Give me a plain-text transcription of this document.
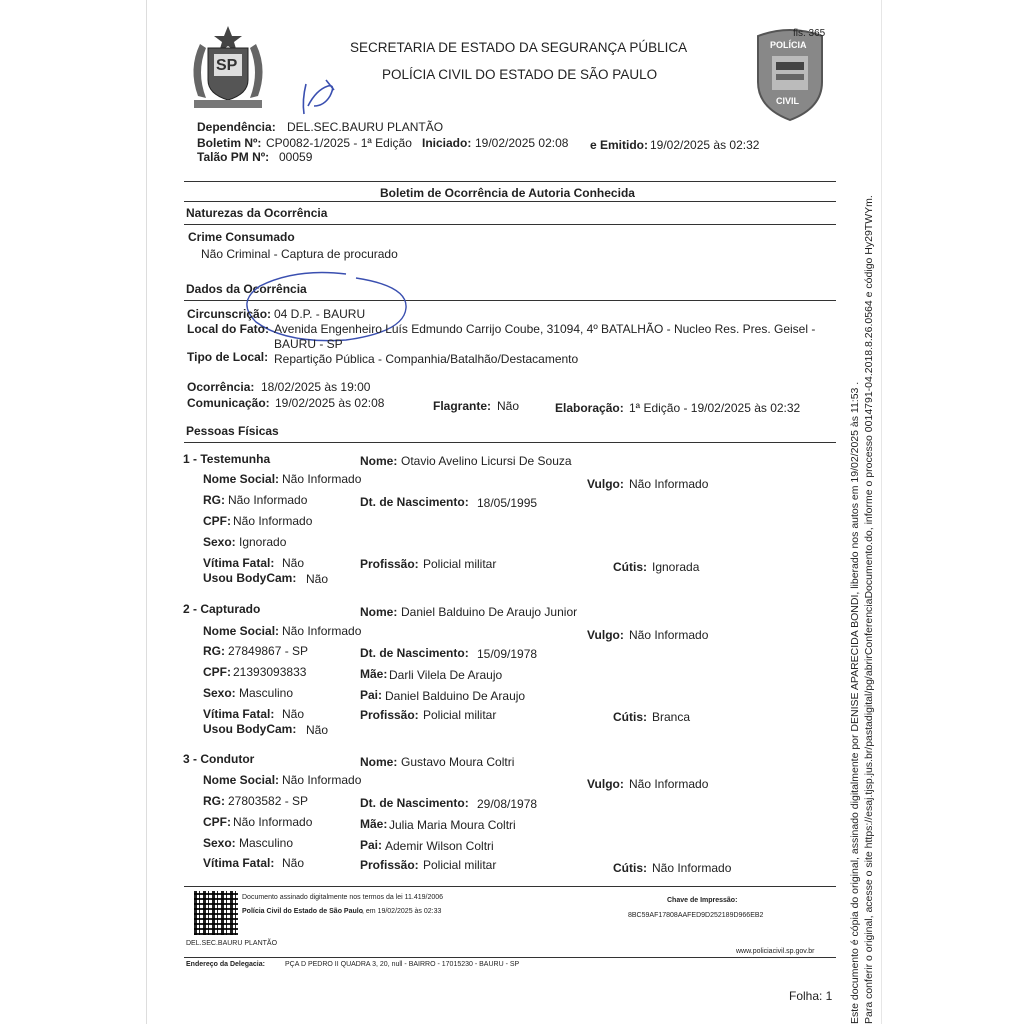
SP
POLÍCIA
CIVIL
fls. 365
SECRETARIA DE ESTADO DA SEGURANÇA PÚBLICA
POLÍCIA CIVIL DO ESTADO DE SÃO PAULO
Dependência: DEL.SEC.BAURU PLANTÃO
Boletim Nº: CP0082-1/2025 - 1ª Edição Iniciado: 19/02/2025 02:08 e Emitido: 19/02/2025 às 02:32
Talão PM Nº: 00059
Boletim de Ocorrência de Autoria Conhecida
Naturezas da Ocorrência
Crime Consumado
Não Criminal - Captura de procurado
Dados da Ocorrência
Circunscrição: 04 D.P. - BAURU
Local do Fato: Avenida Engenheiro Luís Edmundo Carrijo Coube, 31094, 4º BATALHÃO - Nucleo Res. Pres. Geisel -
BAURU - SP
Tipo de Local: Repartição Pública - Companhia/Batalhão/Destacamento
Ocorrência: 18/02/2025 às 19:00
Comunicação: 19/02/2025 às 02:08	Flagrante: Não	Elaboração: 1ª Edição - 19/02/2025 às 02:32
Pessoas Físicas
1 - Testemunha	Nome: Otavio Avelino Licursi De Souza
Nome Social: Não Informado	Vulgo: Não Informado
RG: Não Informado	Dt. de Nascimento: 18/05/1995
CPF: Não Informado
Sexo: Ignorado
Vítima Fatal: Não	Profissão: Policial militar	Cútis: Ignorada
Usou BodyCam: Não
2 - Capturado	Nome: Daniel Balduino De Araujo Junior
Nome Social: Não Informado	Vulgo: Não Informado
RG: 27849867 - SP	Dt. de Nascimento: 15/09/1978
CPF: 21393093833	Mãe: Darli Vilela De Araujo
Sexo: Masculino	Pai: Daniel Balduino De Araujo
Vítima Fatal: Não	Profissão: Policial militar	Cútis: Branca
Usou BodyCam: Não
3 - Condutor	Nome: Gustavo Moura Coltri
Nome Social: Não Informado	Vulgo: Não Informado
RG: 27803582 - SP	Dt. de Nascimento: 29/08/1978
CPF: Não Informado	Mãe: Julia Maria Moura Coltri
Sexo: Masculino	Pai: Ademir Wilson Coltri
Vítima Fatal: Não	Profissão: Policial militar	Cútis: Não Informado
Documento assinado digitalmente nos termos da lei 11.419/2006
Polícia Civil do Estado de São Paulo , em 19/02/2025 às 02:33
Chave de Impressão:
8BC59AF17808AAFED9D252189D966EB2
DEL.SEC.BAURU PLANTÃO
www.policiacivil.sp.gov.br
Endereço da Delegacia:	PÇA D PEDRO II QUADRA 3, 20, null - BAIRRO - 17015230 - BAURU - SP
Folha: 1 Este documento é cópia do original, assinado digitalmente por DENISE APARECIDA BONDI, liberado nos autos em 19/02/2025 às 11:53 . Para conferir o original, acesse o site https://esaj.tjsp.jus.br/pastadigital/pg/abrirConferenciaDocumento.do, informe o processo 0014791-04.2018.8.26.0564 e código Hy29TWYm.
